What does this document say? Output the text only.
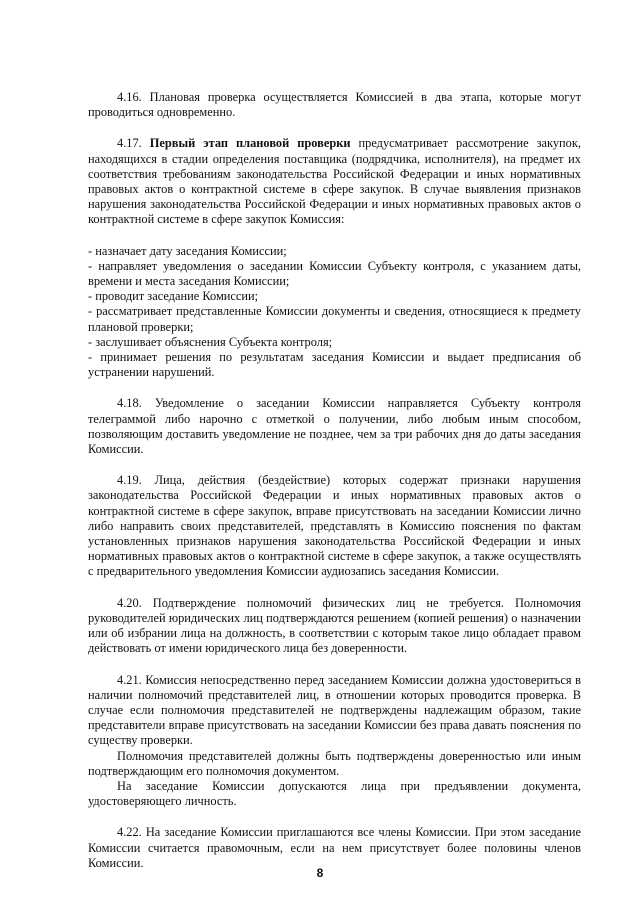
4.16. Плановая проверка осуществляется Комиссией в два этапа, которые могут проводиться одновременно.

4.17. Первый этап плановой проверки предусматривает рассмотрение закупок, находящихся в стадии определения поставщика (подрядчика, исполнителя), на предмет их соответствия требованиям законодательства Российской Федерации и иных нормативных правовых актов о контрактной системе в сфере закупок. В случае выявления признаков нарушения законодательства Российской Федерации и иных нормативных правовых актов о контрактной системе в сфере закупок Комиссия:

- назначает дату заседания Комиссии;

- направляет уведомления о заседании Комиссии Субъекту контроля, с указанием даты, времени и места заседания Комиссии;

- проводит заседание Комиссии;

- рассматривает представленные Комиссии документы и сведения, относящиеся к предмету плановой проверки;

- заслушивает объяснения Субъекта контроля;

- принимает решения по результатам заседания Комиссии и выдает предписания об устранении нарушений.

4.18. Уведомление о заседании Комиссии направляется Субъекту контроля телеграммой либо нарочно с отметкой о получении, либо любым иным способом, позволяющим доставить уведомление не позднее, чем за три рабочих дня до даты заседания Комиссии.

4.19. Лица, действия (бездействие) которых содержат признаки нарушения законодательства Российской Федерации и иных нормативных правовых актов о контрактной системе в сфере закупок, вправе присутствовать на заседании Комиссии лично либо направить своих представителей, представлять в Комиссию пояснения по фактам установленных признаков нарушения законодательства Российской Федерации и иных нормативных правовых актов о контрактной системе в сфере закупок, а также осуществлять с предварительного уведомления Комиссии аудиозапись заседания Комиссии.

4.20. Подтверждение полномочий физических лиц не требуется. Полномочия руководителей юридических лиц подтверждаются решением (копией решения) о назначении или об избрании лица на должность, в соответствии с которым такое лицо обладает правом действовать от имени юридического лица без доверенности.

4.21. Комиссия непосредственно перед заседанием Комиссии должна удостовериться в наличии полномочий представителей лиц, в отношении которых проводится проверка. В случае если полномочия представителей не подтверждены надлежащим образом, такие представители вправе присутствовать на заседании Комиссии без права давать пояснения по существу проверки.

Полномочия представителей должны быть подтверждены доверенностью или иным подтверждающим его полномочия документом.

На заседание Комиссии допускаются лица при предъявлении документа, удостоверяющего личность.

4.22. На заседание Комиссии приглашаются все члены Комиссии. При этом заседание Комиссии считается правомочным, если на нем присутствует более половины членов Комиссии.

8
